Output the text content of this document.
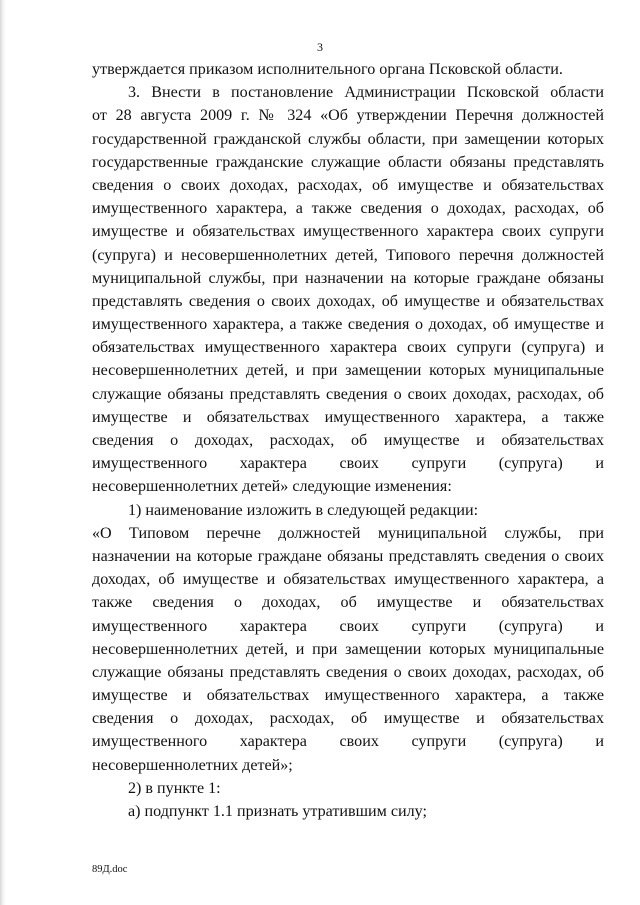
3
утверждается приказом исполнительного органа Псковской области.
3. Внести в постановление Администрации Псковской области
от 28 августа 2009 г. № 324 «Об утверждении Перечня должностей
государственной гражданской службы области, при замещении которых
государственные гражданские служащие области обязаны представлять
сведения о своих доходах, расходах, об имуществе и обязательствах
имущественного характера, а также сведения о доходах, расходах, об
имуществе и обязательствах имущественного характера своих супруги
(супруга) и несовершеннолетних детей, Типового перечня должностей
муниципальной службы, при назначении на которые граждане обязаны
представлять сведения о своих доходах, об имуществе и обязательствах
имущественного характера, а также сведения о доходах, об имуществе и
обязательствах имущественного характера своих супруги (супруга) и
несовершеннолетних детей, и при замещении которых муниципальные
служащие обязаны представлять сведения о своих доходах, расходах, об
имуществе и обязательствах имущественного характера, а также
сведения о доходах, расходах, об имуществе и обязательствах
имущественного характера своих супруги (супруга) и
несовершеннолетних детей» следующие изменения:
1) наименование изложить в следующей редакции:
«О Типовом перечне должностей муниципальной службы, при
назначении на которые граждане обязаны представлять сведения о своих
доходах, об имуществе и обязательствах имущественного характера, а
также сведения о доходах, об имуществе и обязательствах
имущественного характера своих супруги (супруга) и
несовершеннолетних детей, и при замещении которых муниципальные
служащие обязаны представлять сведения о своих доходах, расходах, об
имуществе и обязательствах имущественного характера, а также
сведения о доходах, расходах, об имуществе и обязательствах
имущественного характера своих супруги (супруга) и
несовершеннолетних детей»;
2) в пункте 1:
а) подпункт 1.1 признать утратившим силу;
89Д.doc
